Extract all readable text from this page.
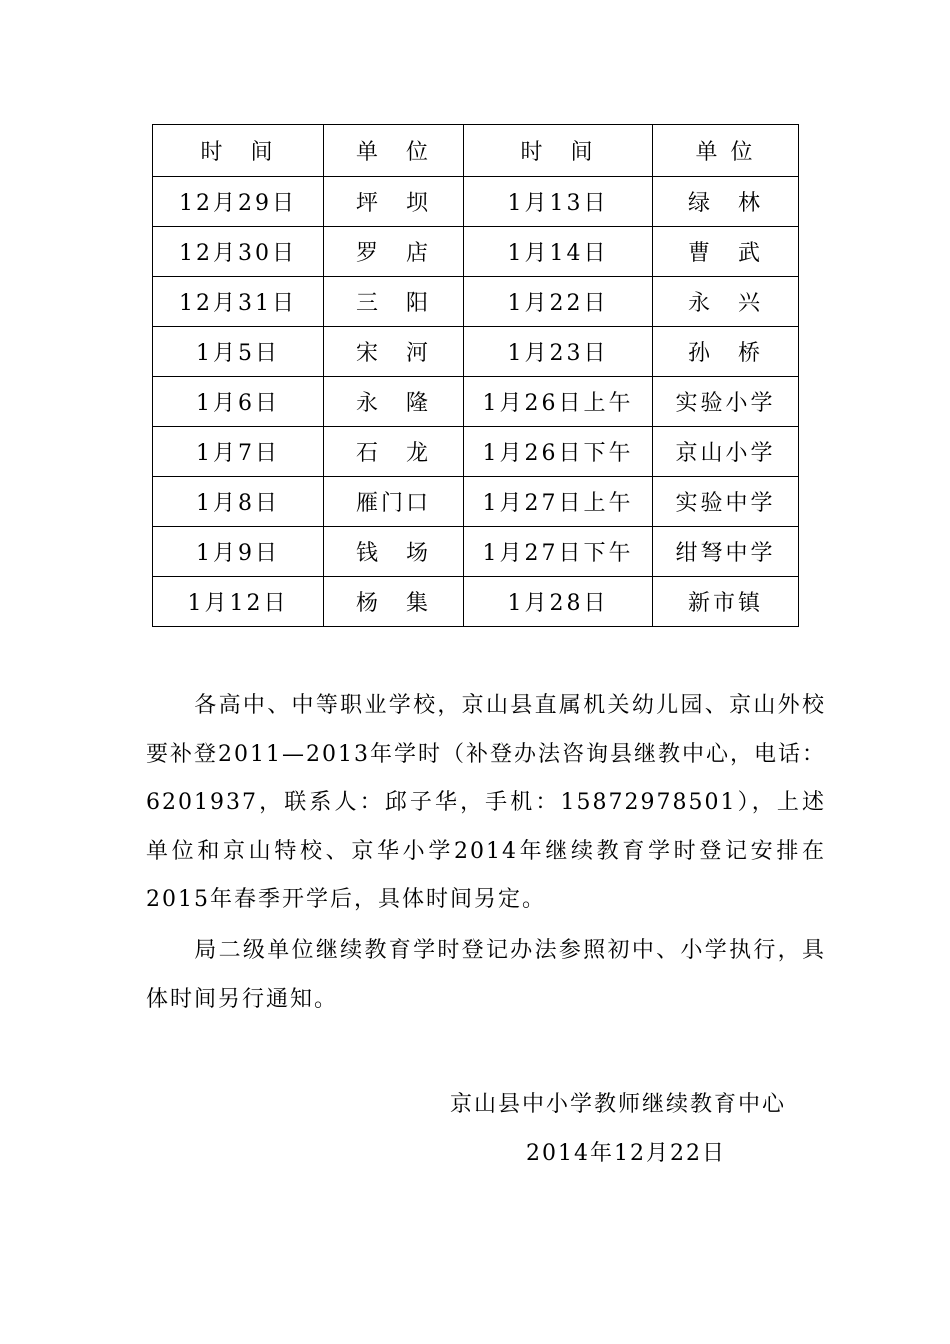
时　间	单　位	时　间	单 位
12月29日	坪　坝	1月13日	绿　林
12月30日	罗　店	1月14日	曹　武
12月31日	三　阳	1月22日	永　兴
1月5日	宋　河	1月23日	孙　桥
1月6日	永　隆	1月26日上午	实验小学
1月7日	石　龙	1月26日下午	京山小学
1月8日	雁门口	1月27日上午	实验中学
1月9日	钱　场	1月27日下午	绀弩中学
1月12日	杨　集	1月28日	新市镇

各高中、中等职业学校，京山县直属机关幼儿园、京山外校要补登2011—2013年学时（补登办法咨询县继教中心，电话：6201937，联系人：邱子华，手机：15872978501），上述单位和京山特校、京华小学2014年继续教育学时登记安排在2015年春季开学后，具体时间另定。

局二级单位继续教育学时登记办法参照初中、小学执行，具体时间另行通知。

京山县中小学教师继续教育中心

2014年12月22日
